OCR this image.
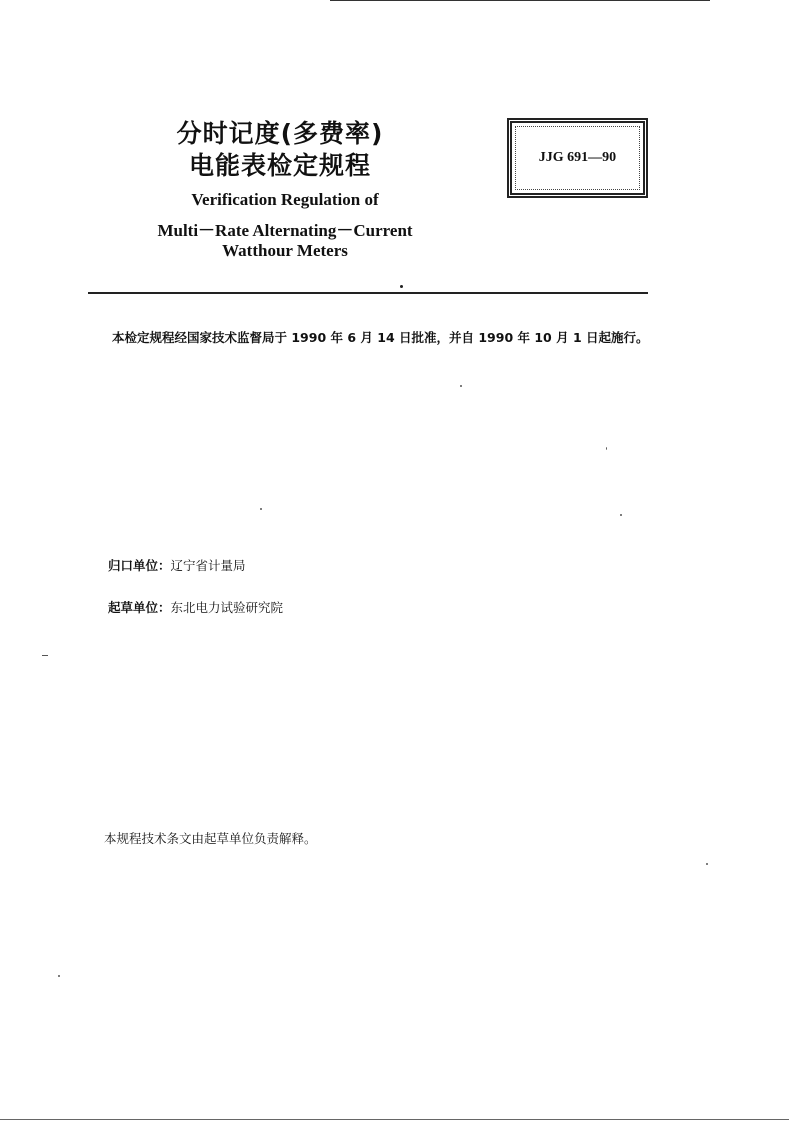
分时记度(多费率)
电能表检定规程
Verification Regulation of
Multi－Rate Alternating－Current
Watthour Meters
JJG 691—90
本检定规程经国家技术监督局于 1990 年 6 月 14 日批准，并自 1990 年 10 月 1 日起施行。
归口单位：辽宁省计量局
起草单位：东北电力试验研究院
本规程技术条文由起草单位负责解释。
